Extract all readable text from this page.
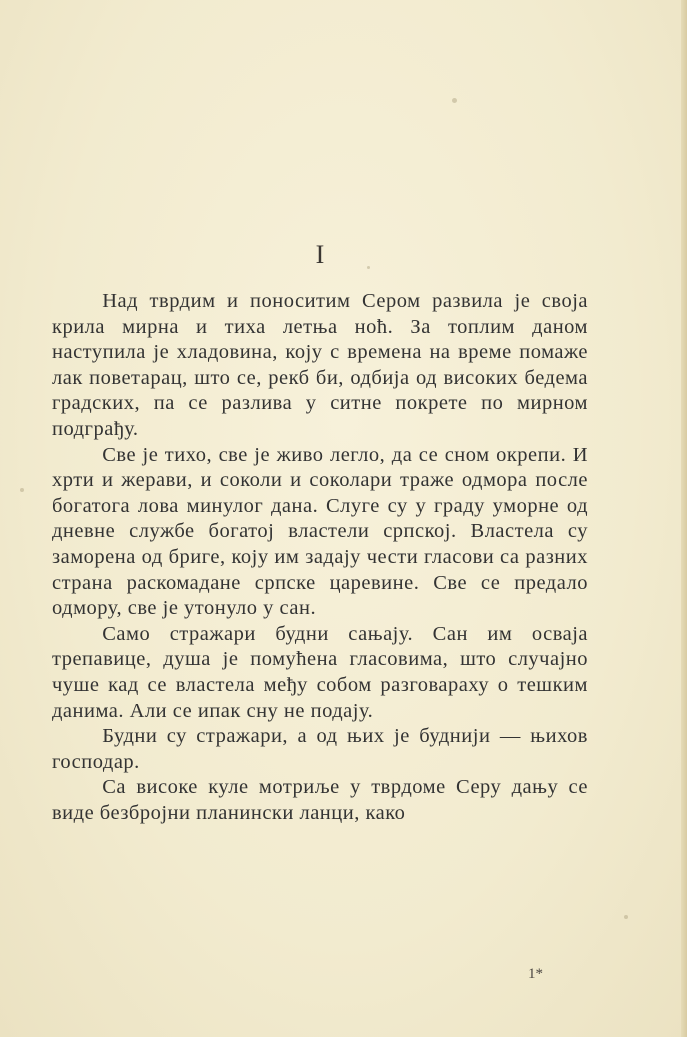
I

Над тврдим и поноситим Сером развила је своја крила мирна и тиха летња ноћ. За топлим даном наступила је хладовина, коју с времена на време помаже лак поветарац, што се, рекб би, одбија од високих бедема градских, па се разлива у ситне покрете по мирном подграђу.

Све је тихо, све је живо легло, да се сном окрепи. И хрти и жерави, и соколи и соколари траже одмора после богатога лова минулог дана. Слуге су у граду уморне од дневне службе богатој властели српској. Властела су заморена од бриге, коју им задају чести гласови са разних страна раскомадане српске царевине. Све се предало одмору, све је утонуло у сан.

Само стражари будни сањају. Сан им осваја трепавице, душа је помућена гласовима, што случајно чуше кад се властела међу собом разговараху о тешким данима. Али се ипак сну не подају.

Будни су стражари, а од њих је буднији — њихов господар.

Са високе куле мотриље у тврдоме Серу дању се виде безбројни планински ланци, како

1*
